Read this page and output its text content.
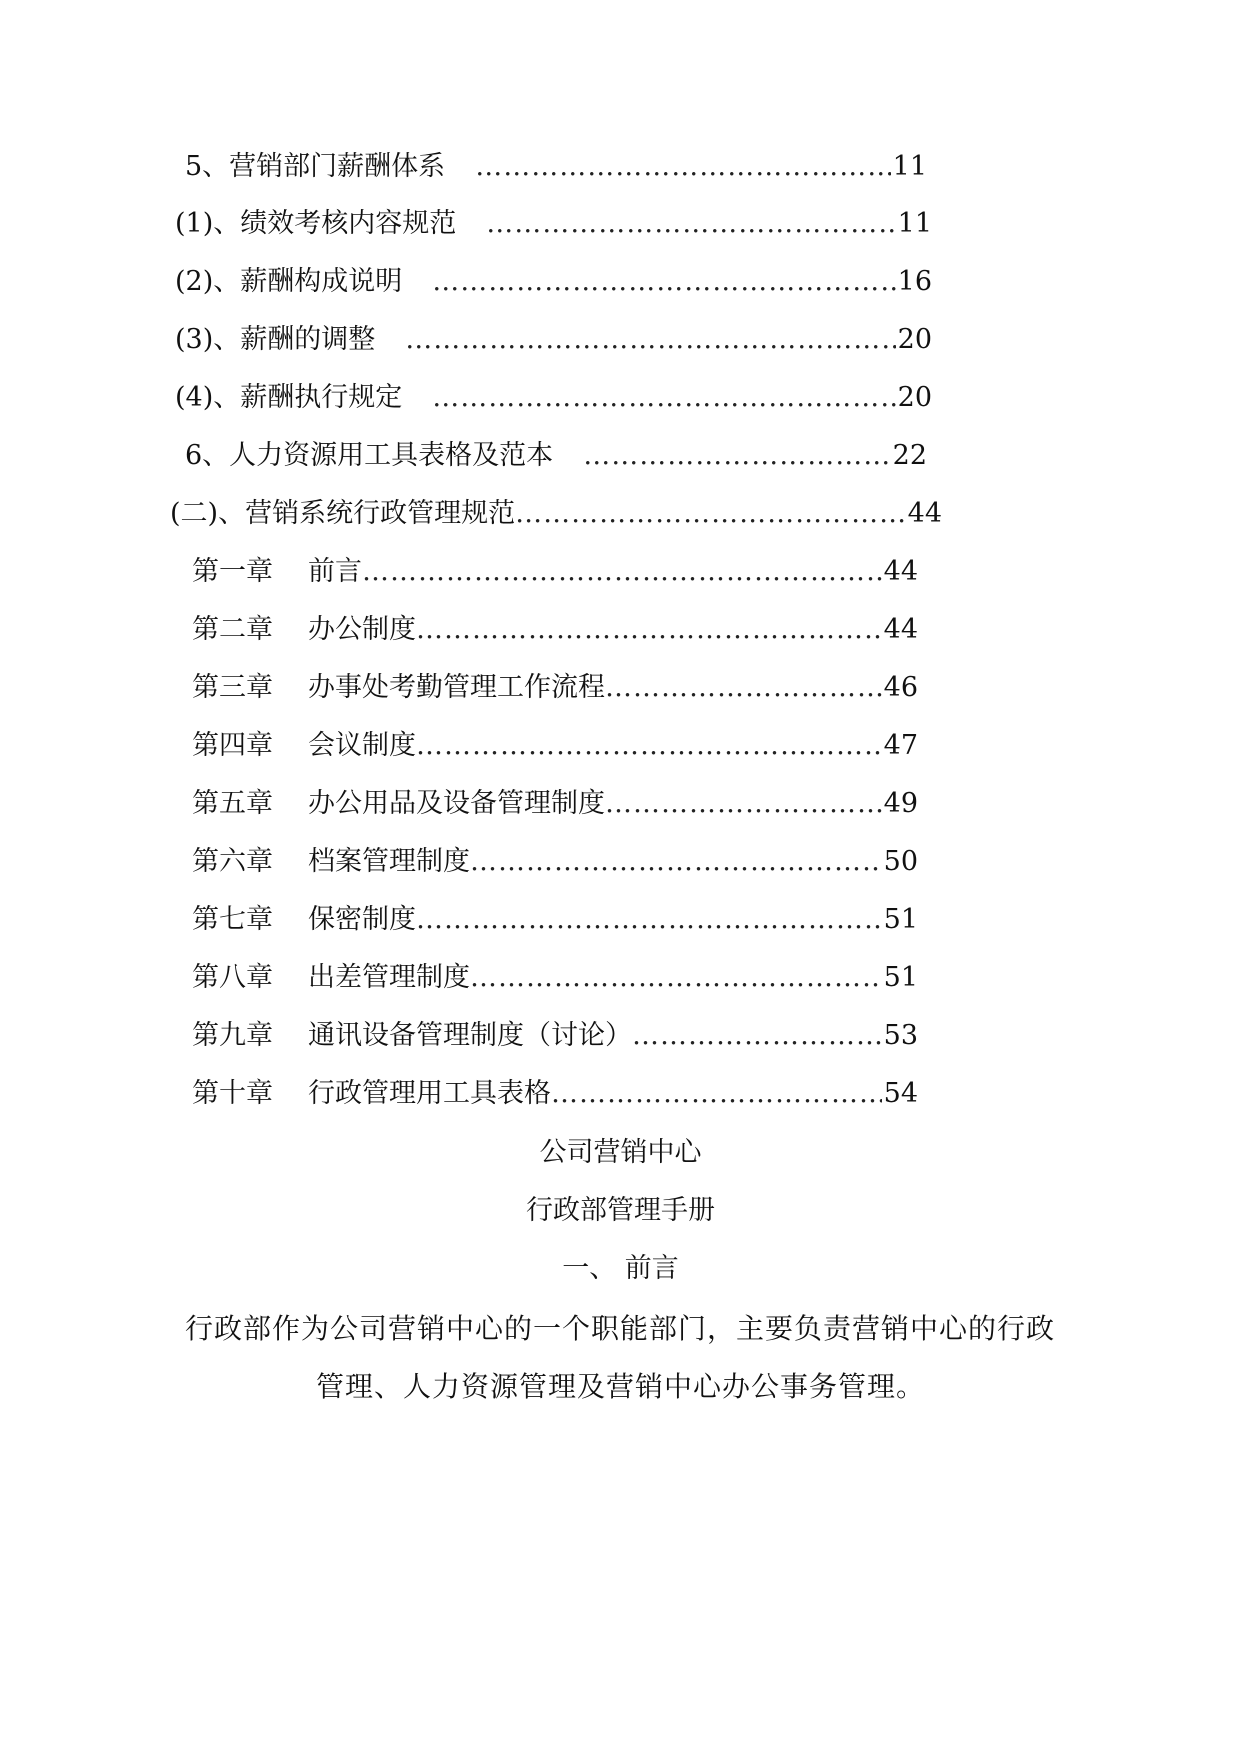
5、营销部门薪酬体系 ……………………………………………………………………………………………………………………………………………………………………	11
(1)、绩效考核内容规范 ……………………………………………………………………………………………………………………………………………………………………	11
(2)、薪酬构成说明 ……………………………………………………………………………………………………………………………………………………………………	16
(3)、薪酬的调整 ……………………………………………………………………………………………………………………………………………………………………	20
(4)、薪酬执行规定 ……………………………………………………………………………………………………………………………………………………………………	20
6、人力资源用工具表格及范本 ……………………………………………………………………………………………………………………………………………………………………	22
(二)、营销系统行政管理规范 ……………………………………………………………………………………………………………………………………………………………………	44
第一章 前言 ……………………………………………………………………………………………………………………………………………………………………	44
第二章 办公制度 ……………………………………………………………………………………………………………………………………………………………………	44
第三章 办事处考勤管理工作流程 ……………………………………………………………………………………………………………………………………………………………………	46
第四章 会议制度 ……………………………………………………………………………………………………………………………………………………………………	47
第五章 办公用品及设备管理制度 ……………………………………………………………………………………………………………………………………………………………………	49
第六章 档案管理制度 ……………………………………………………………………………………………………………………………………………………………………	50
第七章 保密制度 ……………………………………………………………………………………………………………………………………………………………………	51
第八章 出差管理制度 ……………………………………………………………………………………………………………………………………………………………………	51
第九章 通讯设备管理制度（讨论） ……………………………………………………………………………………………………………………………………………………………………	53
第十章 行政管理用工具表格 ……………………………………………………………………………………………………………………………………………………………………	54
公司营销中心
行政部管理手册
一、 前言
行政部作为公司营销中心的一个职能部门，主要负责营销中心的行政
管理、人力资源管理及营销中心办公事务管理。
